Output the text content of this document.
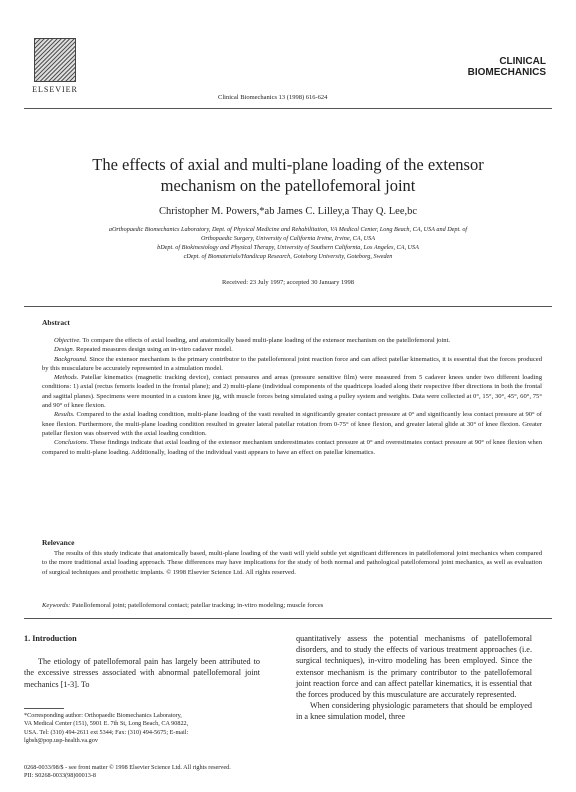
ELSEVIER
Clinical Biomechanics 13 (1998) 616-624
CLINICAL
BIOMECHANICS
The effects of axial and multi-plane loading of the extensor
mechanism on the patellofemoral joint
Christopher M. Powers,*ab James C. Lilley,a Thay Q. Lee,bc
aOrthopaedic Biomechanics Laboratory, Dept. of Physical Medicine and Rehabilitation, VA Medical Center, Long Beach, CA, USA and Dept. of
Orthopaedic Surgery, University of California Irvine, Irvine, CA, USA
bDept. of Biokinesiology and Physical Therapy, University of Southern California, Los Angeles, CA, USA
cDept. of Biomaterials/Handicap Research, Goteborg University, Goteborg, Sweden
Received: 23 July 1997; accepted 30 January 1998
Abstract

Objective. To compare the effects of axial loading, and anatomically based multi-plane loading of the extensor mechanism on the patellofemoral joint.

Design. Repeated measures design using an in-vitro cadaver model.

Background. Since the extensor mechanism is the primary contributor to the patellofemoral joint reaction force and can affect patellar kinematics, it is essential that the forces produced by this musculature be accurately represented in a simulation model.

Methods. Patellar kinematics (magnetic tracking device), contact pressures and areas (pressure sensitive film) were measured from 5 cadaver knees under two different loading conditions: 1) axial (rectus femoris loaded in the frontal plane); and 2) multi-plane (individual components of the quadriceps loaded along their respective fiber directions in both the frontal and sagittal planes). Specimens were mounted in a custom knee jig, with muscle forces being simulated using a pulley system and weights. Data were collected at 0°, 15°, 30°, 45°, 60°, 75° and 90° of knee flexion.

Results. Compared to the axial loading condition, multi-plane loading of the vasti resulted in significantly greater contact pressure at 0° and significantly less contact pressure at 90° of knee flexion. Furthermore, the multi-plane loading condition resulted in greater lateral patellar rotation from 0-75° of knee flexion, and greater lateral glide at 30° of knee flexion. Greater patellar flexion was observed with the axial loading condition.

Conclusions. These findings indicate that axial loading of the extensor mechanism underestimates contact pressure at 0° and overestimates contact pressure at 90° of knee flexion when compared to multi-plane loading. Additionally, loading of the individual vasti appears to have an effect on patellar kinematics.

Relevance
The results of this study indicate that anatomically based, multi-plane loading of the vasti will yield subtle yet significant differences in patellofemoral joint mechanics when compared to the more traditional axial loading approach. These differences may have implications for the study of both normal and pathological patellofemoral joint mechanics, as well as evaluation of surgical techniques and prosthetic implants. © 1998 Elsevier Science Ltd. All rights reserved.
Keywords: Patellofemoral joint; patellofemoral contact; patellar tracking; in-vitro modeling; muscle forces
1. Introduction

The etiology of patellofemoral pain has largely been attributed to the excessive stresses associated with abnormal patellofemoral joint mechanics [1-3]. To

quantitatively assess the potential mechanisms of patellofemoral disorders, and to study the effects of various treatment approaches (i.e. surgical techniques), in-vitro modeling has been employed. Since the extensor mechanism is the primary contributor to the patellofemoral joint reaction force and can affect patellar kinematics, it is essential that the forces produced by this musculature are accurately represented.

When considering physiologic parameters that should be employed in a knee simulation model, three

*Corresponding author: Orthopaedic Biomechanics Laboratory,
VA Medical Center (151), 5901 E. 7th St, Long Beach, CA 90822,
USA. Tel: (310) 494-2611 ext 5344; Fax: (310) 494-5675; E-mail:
lgbsh@pop.usp-health.va.gov
0268-0033/98/$ - see front matter © 1998 Elsevier Science Ltd. All rights reserved.
PII: S0268-0033(98)00013-8
